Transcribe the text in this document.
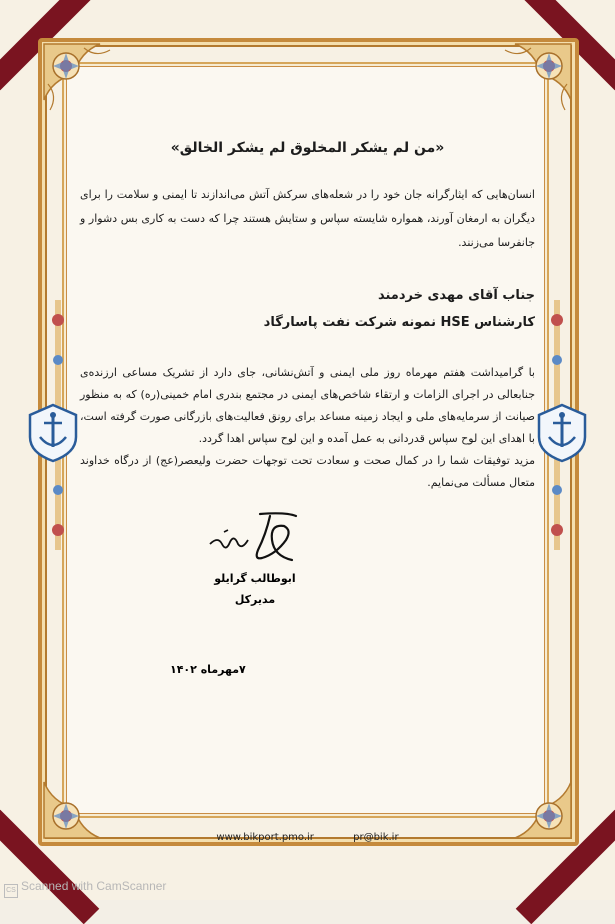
«من لم یشکر المخلوق لم یشکر الخالق»

انسان‌هایی که ایثارگرانه جان خود را در شعله‌های سرکش آتش می‌اندازند تا ایمنی و سلامت را برای دیگران به ارمغان آورند، همواره شایسته سپاس و ستایش هستند چرا که دست به کاری بس دشوار و جانفرسا می‌زنند.

جناب آقای مهدی خردمند
کارشناس HSE نمونه شرکت نفت پاسارگاد
با گرامیداشت هفتم مهرماه روز ملی ایمنی و آتش‌نشانی، جای دارد از تشریک مساعی ارزنده‌ی جنابعالی در اجرای الزامات و ارتقاء شاخص‌های ایمنی در مجتمع بندری امام خمینی(ره) که به منظور صیانت از سرمایه‌های ملی و ایجاد زمینه مساعد برای رونق فعالیت‌های بازرگانی صورت گرفته است، با اهدای این لوح سپاس قدردانی به عمل آمده و این لوح سپاس اهدا گردد.
مزید توفیقات شما را در کمال صحت و سعادت تحت توجهات حضرت ولیعصر(عج) از درگاه خداوند متعال مسألت می‌نمایم.
ابوطالب گرایلو
مدیرکل
۷مهرماه ۱۴۰۲
www.bikport.pmo.ir	pr@bik.ir
CS Scanned with CamScanner
